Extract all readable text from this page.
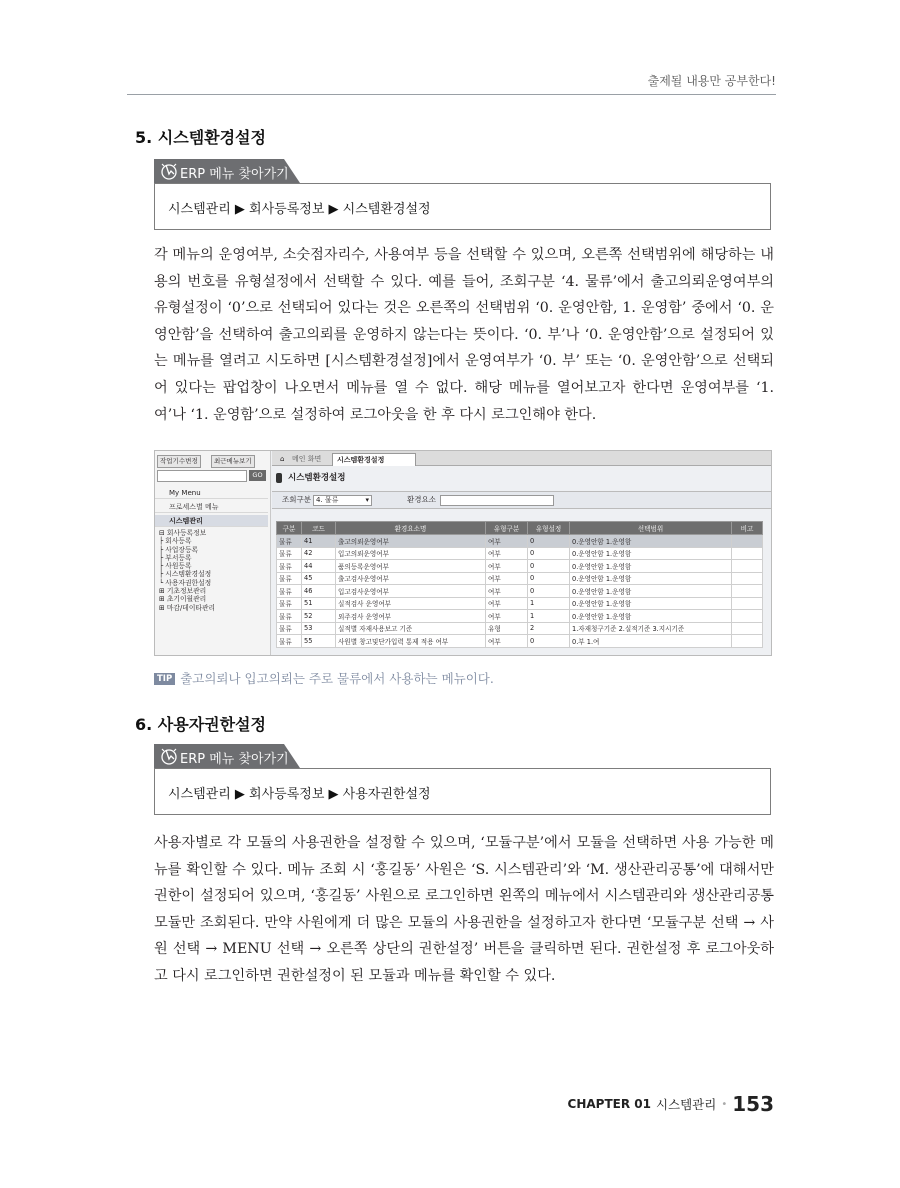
출제될 내용만 공부한다!
5. 시스템환경설정
ERP 메뉴 찾아가기
시스템관리 ▶ 회사등록정보 ▶ 시스템환경설정

각 메뉴의 운영여부, 소숫점자리수, 사용여부 등을 선택할 수 있으며, 오른쪽 선택범위에 해당하는 내용의 번호를 유형설정에서 선택할 수 있다. 예를 들어, 조회구분 ‘4. 물류’에서 출고의뢰운영여부의 유형설정이 ‘0’으로 선택되어 있다는 것은 오른쪽의 선택범위 ‘0. 운영안함, 1. 운영함’ 중에서 ‘0. 운영안함’을 선택하여 출고의뢰를 운영하지 않는다는 뜻이다. ‘0. 부’나 ‘0. 운영안함’으로 설정되어 있는 메뉴를 열려고 시도하면 [시스템환경설정]에서 운영여부가 ‘0. 부’ 또는 ‘0. 운영안함’으로 선택되어 있다는 팝업창이 나오면서 메뉴를 열 수 없다. 해당 메뉴를 열어보고자 한다면 운영여부를 ‘1. 여’나 ‘1. 운영함’으로 설정하여 로그아웃을 한 후 다시 로그인해야 한다.

작업기수변경	최근메뉴보기
GO
My Menu
프로세스별 메뉴
시스템관리
⊟ 회사등록정보
├ 회사등록
├ 사업장등록
├ 부서등록
├ 사원등록
├ 시스템환경설정
└ 사용자권한설정
⊞ 기초정보관리
⊞ 초기이월관리
⊞ 마감/데이타관리
⌂	메인 화면	시스템환경설정
시스템환경설정
조회구분 4. 물류	▾	환경요소
구분	코드	환경요소명	유형구분	유형설정	선택범위	비고
물류	41	출고의뢰운영여부	여부	0	0.운영안함 1.운영함	
물류	42	입고의뢰운영여부	여부	0	0.운영안함 1.운영함	
물류	44	품의등록운영여부	여부	0	0.운영안함 1.운영함	
물류	45	출고검사운영여부	여부	0	0.운영안함 1.운영함	
물류	46	입고검사운영여부	여부	0	0.운영안함 1.운영함	
물류	51	실적검사 운영여부	여부	1	0.운영안함 1.운영함	
물류	52	외주검사 운영여부	여부	1	0.운영안함 1.운영함	
물류	53	실적별 자재사용보고 기준	유형	2	1.자재청구기준 2.실적기준 3.지시기준	
물류	55	사원별 창고및단가입력 통제 적용 여부	여부	0	0.부 1.여	
TIP 출고의뢰나 입고의뢰는 주로 물류에서 사용하는 메뉴이다.
6. 사용자권한설정
ERP 메뉴 찾아가기
시스템관리 ▶ 회사등록정보 ▶ 사용자권한설정

사용자별로 각 모듈의 사용권한을 설정할 수 있으며, ‘모듈구분’에서 모듈을 선택하면 사용 가능한 메뉴를 확인할 수 있다. 메뉴 조회 시 ‘홍길동’ 사원은 ‘S. 시스템관리’와 ‘M. 생산관리공통’에 대해서만 권한이 설정되어 있으며, ‘홍길동’ 사원으로 로그인하면 왼쪽의 메뉴에서 시스템관리와 생산관리공통 모듈만 조회된다. 만약 사원에게 더 많은 모듈의 사용권한을 설정하고자 한다면 ‘모듈구분 선택 → 사원 선택 → MENU 선택 → 오른쪽 상단의 권한설정’ 버튼을 클릭하면 된다. 권한설정 후 로그아웃하고 다시 로그인하면 권한설정이 된 모듈과 메뉴를 확인할 수 있다.

CHAPTER 01 시스템관리 • 153
